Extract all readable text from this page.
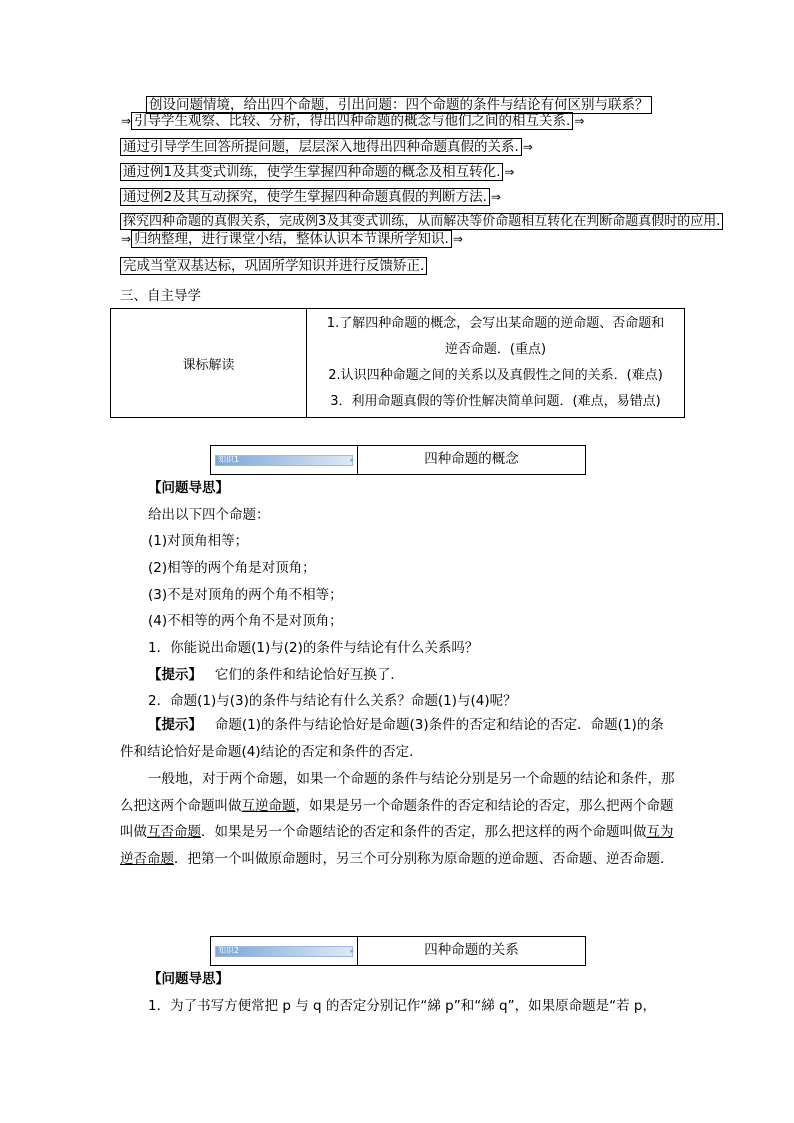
创设问题情境，给出四个命题，引出问题：四个命题的条件与结论有何区别与联系？
⇒ 引导学生观察、比较、分析，得出四种命题的概念与他们之间的相互关系. ⇒
通过引导学生回答所提问题，层层深入地得出四种命题真假的关系. ⇒
通过例1及其变式训练，使学生掌握四种命题的概念及相互转化. ⇒
通过例2及其互动探究，使学生掌握四种命题真假的判断方法. ⇒
探究四种命题的真假关系，完成例3及其变式训练，从而解决等价命题相互转化在判断命题真假时的应用.
⇒ 归纳整理，进行课堂小结，整体认识本节课所学知识. ⇒
完成当堂双基达标，巩固所学知识并进行反馈矫正.
三、自主导学
课标解读	
1.了解四种命题的概念，会写出某命题的逆命题、否命题和
逆否命题．(重点)
2.认识四种命题之间的关系以及真假性之间的关系．(难点)
3．利用命题真假的等价性解决简单问题．(难点，易错点)
知识1	▸	四种命题的概念
【问题导思】
给出以下四个命题：
(1)对顶角相等；
(2)相等的两个角是对顶角；
(3)不是对顶角的两个角不相等；
(4)不相等的两个角不是对顶角；
1．你能说出命题(1)与(2)的条件与结论有什么关系吗？
【提示】 它们的条件和结论恰好互换了．
2．命题(1)与(3)的条件与结论有什么关系？命题(1)与(4)呢？
【提示】 命题(1)的条件与结论恰好是命题(3)条件的否定和结论的否定．命题(1)的条件和结论恰好是命题(4)结论的否定和条件的否定．
一般地，对于两个命题，如果一个命题的条件与结论分别是另一个命题的结论和条件，那么把这两个命题叫做互逆命题，如果是另一个命题条件的否定和结论的否定，那么把两个命题叫做互否命题．如果是另一个命题结论的否定和条件的否定，那么把这样的两个命题叫做互为逆否命题．把第一个叫做原命题时，另三个可分别称为原命题的逆命题、否命题、逆否命题．
知识2	▸	四种命题的关系
【问题导思】
1．为了书写方便常把 p 与 q 的否定分别记作“綈 p”和“綈 q”，如果原命题是“若 p，
